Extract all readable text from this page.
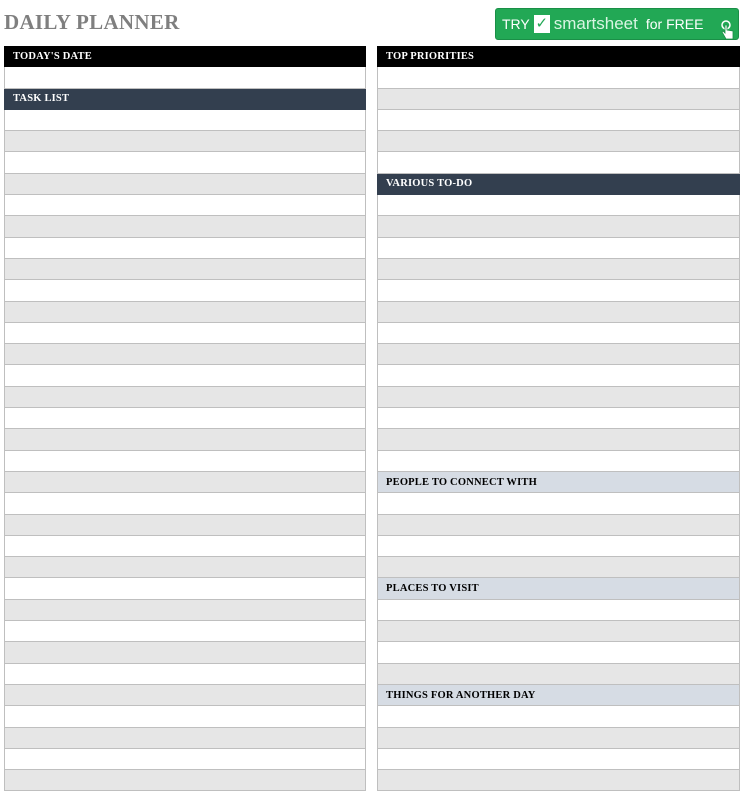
DAILY PLANNER	TRY ✓ smartsheet for FREE
TODAY'S DATE
TASK LIST
TOP PRIORITIES
VARIOUS TO-DO
PEOPLE TO CONNECT WITH
PLACES TO VISIT
THINGS FOR ANOTHER DAY
